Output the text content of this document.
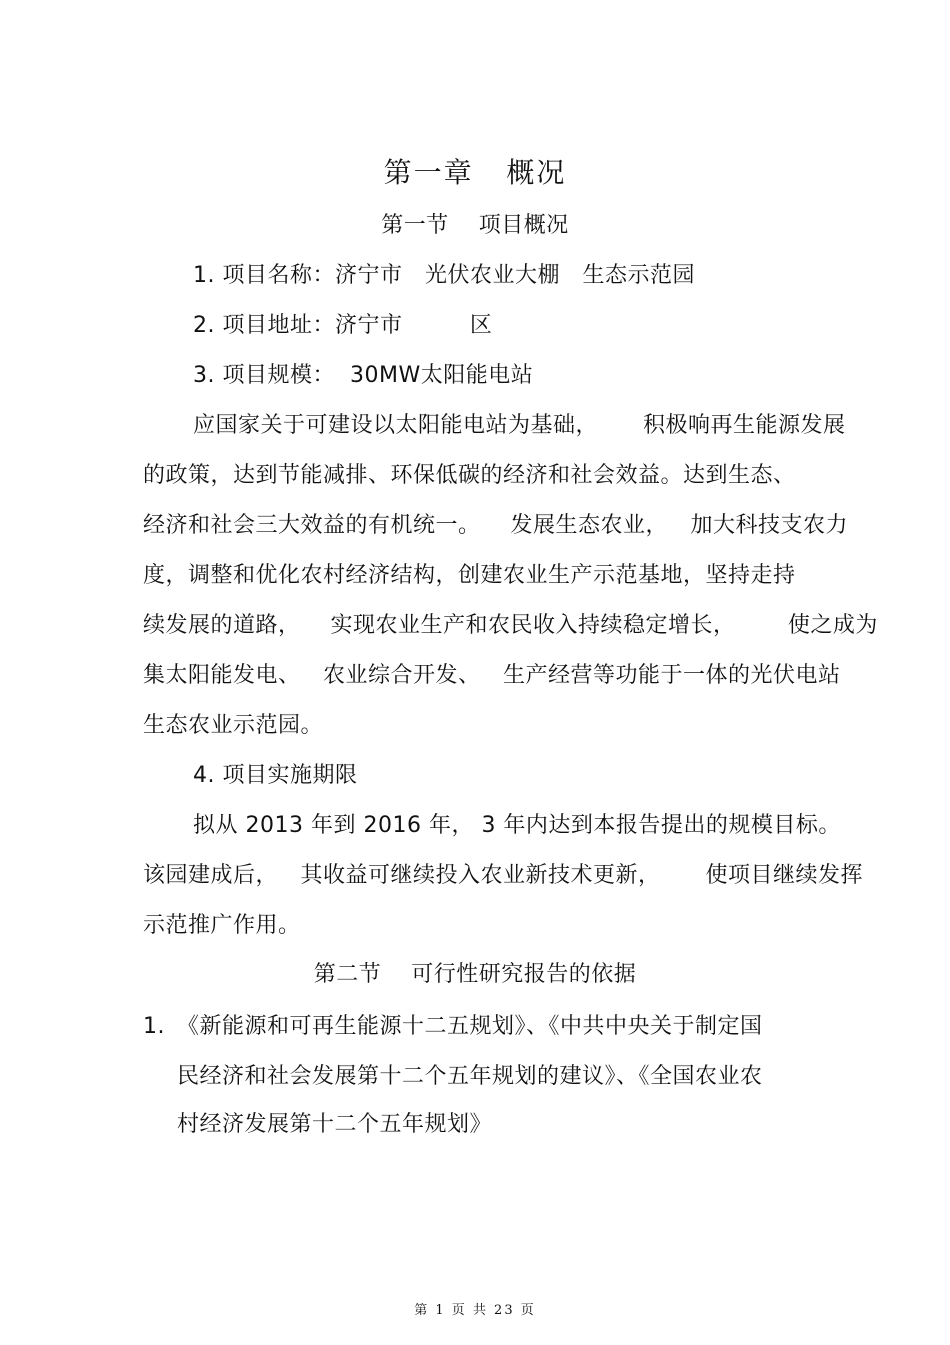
第一章   概况
第一节    项目概况
1. 项目名称：济宁市   光伏农业大棚   生态示范园
2. 项目地址：济宁市         区
3. 项目规模：  30MW太阳能电站
应国家关于可建设以太阳能电站为基础，      积极响再生能源发展
的政策，达到节能减排、环保低碳的经济和社会效益。达到生态、
经济和社会三大效益的有机统一。    发展生态农业，   加大科技支农力
度，调整和优化农村经济结构，创建农业生产示范基地，坚持走持
续发展的道路，    实现农业生产和农民收入持续稳定增长，       使之成为
集太阳能发电、   农业综合开发、   生产经营等功能于一体的光伏电站
生态农业示范园。
4. 项目实施期限
拟从 2013 年到 2016 年， 3 年内达到本报告提出的规模目标。
该园建成后，   其收益可继续投入农业新技术更新，      使项目继续发挥
示范推广作用。
第二节    可行性研究报告的依据
1. 《新能源和可再生能源十二五规划》、《中共中央关于制定国
民经济和社会发展第十二个五年规划的建议》、《全国农业农
村经济发展第十二个五年规划》
第 1 页 共 23 页
